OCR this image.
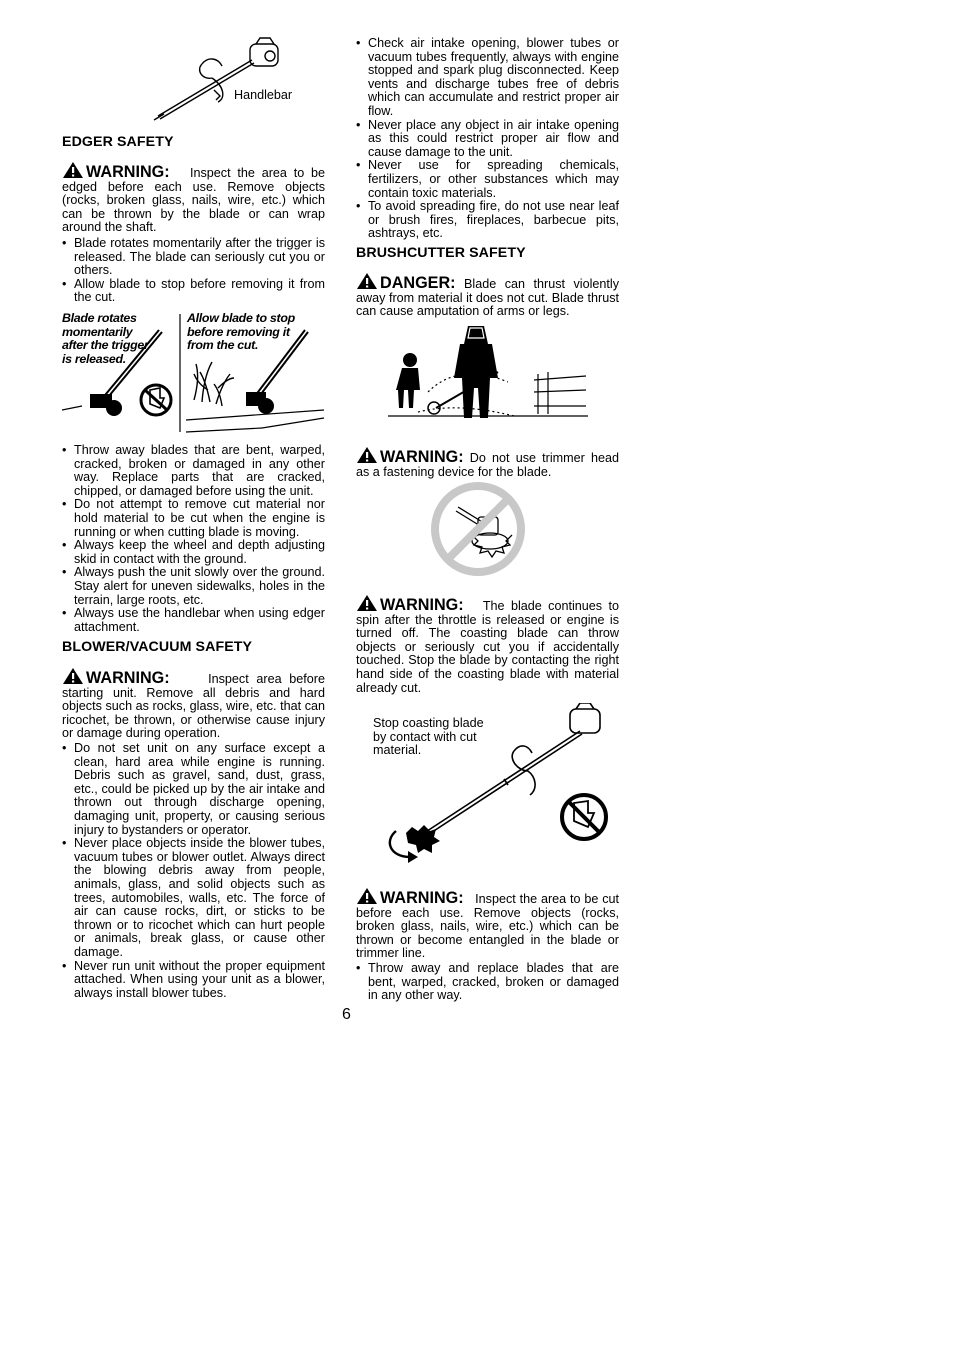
Handlebar
EDGER SAFETY

WARNING: Inspect the area to be edged before each use. Remove objects (rocks, broken glass, nails, wire, etc.) which can be thrown by the blade or can wrap around the shaft.

• Blade rotates momentarily after the trigger is released. The blade can seriously cut you or others.
• Allow blade to stop before removing it from the cut.
Blade rotates momentarily after the trigger is released.
Allow blade to stop before removing it from the cut.
• Throw away blades that are bent, warped, cracked, broken or damaged in any other way. Replace parts that are cracked, chipped, or damaged before using the unit.
• Do not attempt to remove cut material nor hold material to be cut when the engine is running or when cutting blade is moving.
• Always keep the wheel and depth adjusting skid in contact with the ground.
• Always push the unit slowly over the ground. Stay alert for uneven sidewalks, holes in the terrain, large roots, etc.
• Always use the handlebar when using edger attachment.
BLOWER/VACUUM SAFETY

WARNING:	Inspect area before starting unit. Remove all debris and hard objects such as rocks, glass, wire, etc. that can ricochet, be thrown, or otherwise cause injury or damage during operation.

• Do not set unit on any surface except a clean, hard area while engine is running. Debris such as gravel, sand, dust, grass, etc., could be picked up by the air intake and thrown out through discharge opening, damaging unit, property, or causing serious injury to bystanders or operator.
• Never place objects inside the blower tubes, vacuum tubes or blower outlet. Always direct the blowing debris away from people, animals, glass, and solid objects such as trees, automobiles, walls, etc. The force of air can cause rocks, dirt, or sticks to be thrown or to ricochet which can hurt people or animals, break glass, or cause other damage.
• Never run unit without the proper equipment attached. When using your unit as a blower, always install blower tubes.
• Check air intake opening, blower tubes or vacuum tubes frequently, always with engine stopped and spark plug disconnected. Keep vents and discharge tubes free of debris which can accumulate and restrict proper air flow.
• Never place any object in air intake opening as this could restrict proper air flow and cause damage to the unit.
• Never use for spreading chemicals, fertilizers, or other substances which may contain toxic materials.
• To avoid spreading fire, do not use near leaf or brush fires, fireplaces, barbecue pits, ashtrays, etc.
BRUSHCUTTER SAFETY

DANGER: Blade can thrust violently away from material it does not cut. Blade thrust can cause amputation of arms or legs.

WARNING: Do not use trimmer head as a fastening device for the blade.

WARNING: The blade continues to spin after the throttle is released or engine is turned off. The coasting blade can throw objects or seriously cut you if accidentally touched. Stop the blade by contacting the right hand side of the coasting blade with material already cut.

Stop coasting blade by contact with cut material.

WARNING: Inspect the area to be cut before each use. Remove objects (rocks, broken glass, nails, wire, etc.) which can be thrown or become entangled in the blade or trimmer line.

• Throw away and replace blades that are bent, warped, cracked, broken or damaged in any other way.
6
